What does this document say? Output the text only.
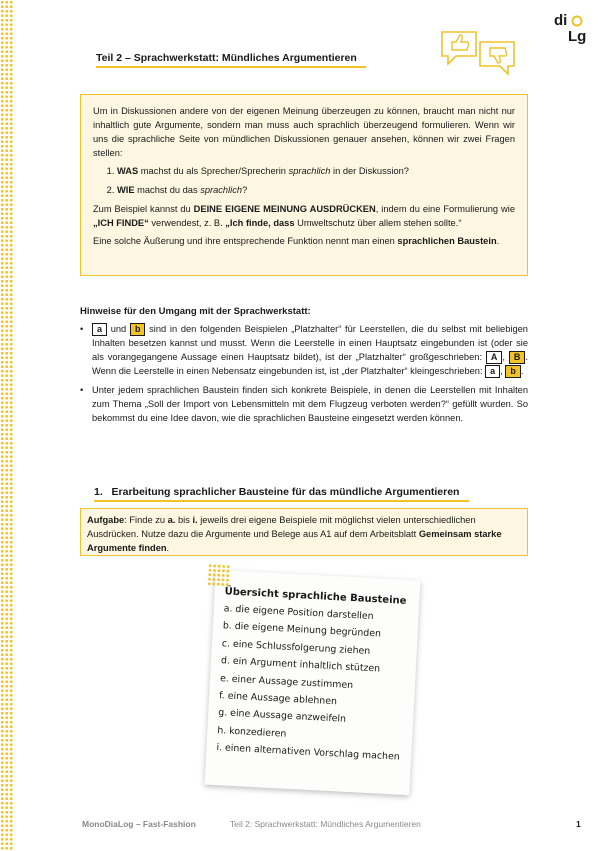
di
Lg
Teil 2 – Sprachwerkstatt: Mündliches Argumentieren

Um in Diskussionen andere von der eigenen Meinung überzeugen zu können, braucht man nicht nur inhaltlich gute Argumente, sondern man muss auch sprachlich überzeugend formulieren. Wenn wir uns die sprachliche Seite von mündlichen Diskussionen genauer ansehen, können wir zwei Fragen stellen:

1. WAS machst du als Sprecher/Sprecherin sprachlich in der Diskussion?
2. WIE machst du das sprachlich?

Zum Beispiel kannst du DEINE EIGENE MEINUNG AUSDRÜCKEN, indem du eine Formulierung wie „ICH FINDE“ verwendest, z. B. „Ich finde, dass Umweltschutz über allem stehen sollte.“

Eine solche Äußerung und ihre entsprechende Funktion nennt man einen sprachlichen Baustein.

Hinweise für den Umgang mit der Sprachwerkstatt:
• a und b sind in den folgenden Beispielen „Platzhalter“ für Leerstellen, die du selbst mit beliebigen Inhalten besetzen kannst und musst. Wenn die Leerstelle in einen Hauptsatz eingebunden ist (oder sie als vorangegangene Aussage einen Hauptsatz bildet), ist der „Platzhalter“ großgeschrieben: A , B . Wenn die Leerstelle in einen Nebensatz eingebunden ist, ist „der Platzhalter“ kleingeschrieben: a , b .
• Unter jedem sprachlichen Baustein finden sich konkrete Beispiele, in denen die Leerstellen mit Inhalten zum Thema „Soll der Import von Lebensmitteln mit dem Flugzeug verboten werden?“ gefüllt wurden. So bekommst du eine Idee davon, wie die sprachlichen Bausteine eingesetzt werden können.
1. Erarbeitung sprachlicher Bausteine für das mündliche Argumentieren
Aufgabe: Finde zu a. bis i. jeweils drei eigene Beispiele mit möglichst vielen unterschiedlichen Ausdrücken. Nutze dazu die Argumente und Belege aus A1 auf dem Arbeitsblatt Gemeinsam starke Argumente finden.
Übersicht sprachliche Bausteine
a. die eigene Position darstellen
b. die eigene Meinung begründen
c. eine Schlussfolgerung ziehen
d. ein Argument inhaltlich stützen
e. einer Aussage zustimmen
f. eine Aussage ablehnen
g. eine Aussage anzweifeln
h. konzedieren
i. einen alternativen Vorschlag machen
MonoDiaLog – Fast-Fashion	Teil 2: Sprachwerkstatt: Mündliches Argumentieren	1
